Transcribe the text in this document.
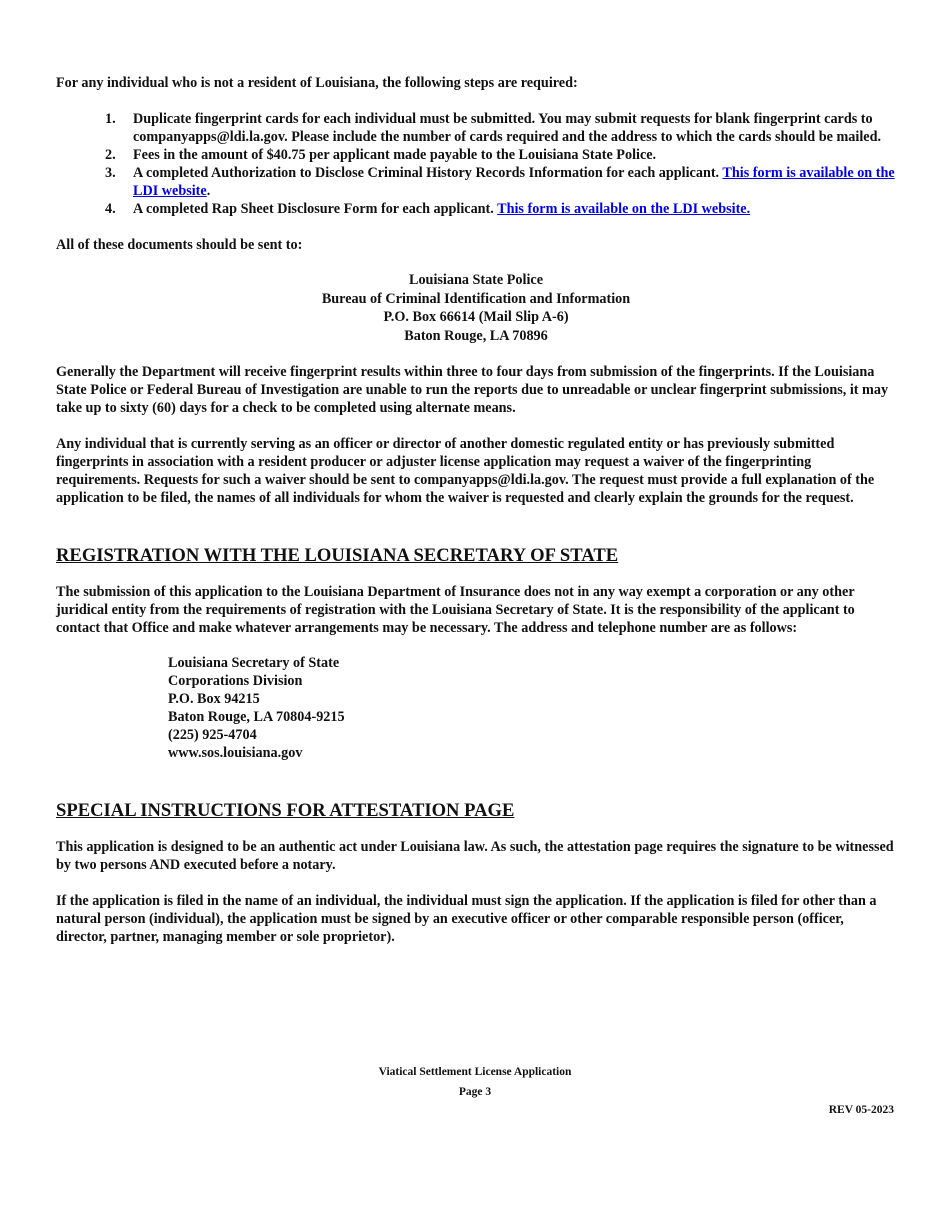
For any individual who is not a resident of Louisiana, the following steps are required:

1.	Duplicate fingerprint cards for each individual must be submitted. You may submit requests for blank fingerprint cards to companyapps@ldi.la.gov. Please include the number of cards required and the address to which the cards should be mailed.
2.	Fees in the amount of $40.75 per applicant made payable to the Louisiana State Police.
3.	A completed Authorization to Disclose Criminal History Records Information for each applicant. This form is available on the LDI website.
4.	A completed Rap Sheet Disclosure Form for each applicant. This form is available on the LDI website.

All of these documents should be sent to:

Louisiana State Police
Bureau of Criminal Identification and Information
P.O. Box 66614 (Mail Slip A-6)
Baton Rouge, LA 70896

Generally the Department will receive fingerprint results within three to four days from submission of the fingerprints. If the Louisiana State Police or Federal Bureau of Investigation are unable to run the reports due to unreadable or unclear fingerprint submissions, it may take up to sixty (60) days for a check to be completed using alternate means.

Any individual that is currently serving as an officer or director of another domestic regulated entity or has previously submitted fingerprints in association with a resident producer or adjuster license application may request a waiver of the fingerprinting requirements. Requests for such a waiver should be sent to companyapps@ldi.la.gov. The request must provide a full explanation of the application to be filed, the names of all individuals for whom the waiver is requested and clearly explain the grounds for the request.

REGISTRATION WITH THE LOUISIANA SECRETARY OF STATE

The submission of this application to the Louisiana Department of Insurance does not in any way exempt a corporation or any other juridical entity from the requirements of registration with the Louisiana Secretary of State. It is the responsibility of the applicant to contact that Office and make whatever arrangements may be necessary. The address and telephone number are as follows:

Louisiana Secretary of State
Corporations Division
P.O. Box 94215
Baton Rouge, LA 70804-9215
(225) 925-4704
www.sos.louisiana.gov
SPECIAL INSTRUCTIONS FOR ATTESTATION PAGE

This application is designed to be an authentic act under Louisiana law. As such, the attestation page requires the signature to be witnessed by two persons AND executed before a notary.

If the application is filed in the name of an individual, the individual must sign the application. If the application is filed for other than a natural person (individual), the application must be signed by an executive officer or other comparable responsible person (officer, director, partner, managing member or sole proprietor).

Viatical Settlement License Application
Page 3
REV 05-2023
